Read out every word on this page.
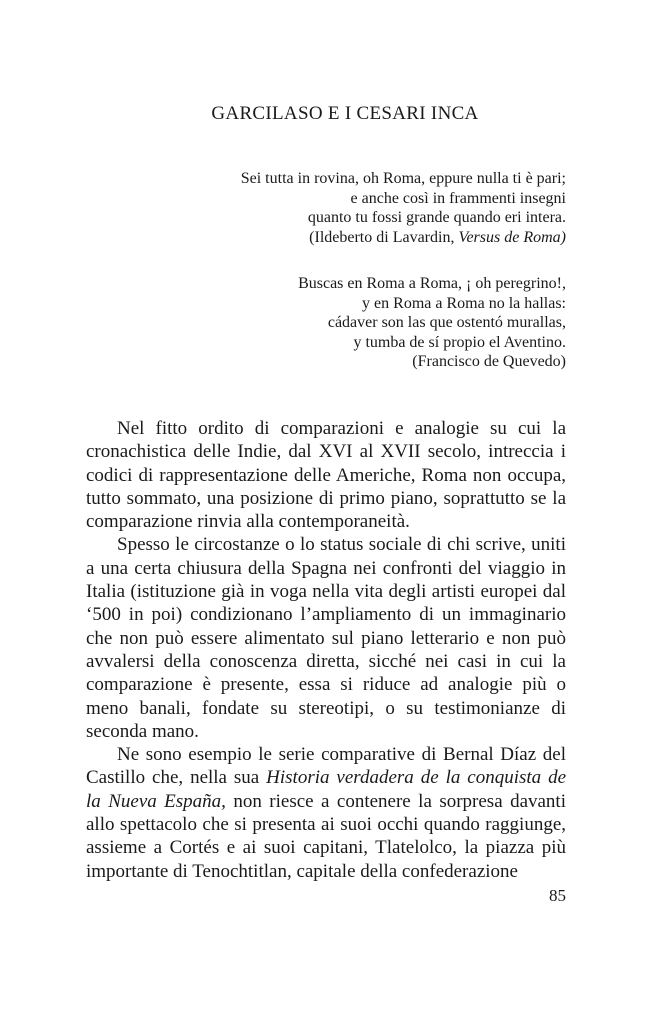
GARCILASO E I CESARI INCA
Sei tutta in rovina, oh Roma, eppure nulla ti è pari;
e anche così in frammenti insegni
quanto tu fossi grande quando eri intera.
(Ildeberto di Lavardin, Versus de Roma)
Buscas en Roma a Roma, ¡ oh peregrino!,
y en Roma a Roma no la hallas:
cádaver son las que ostentó murallas,
y tumba de sí propio el Aventino.
(Francisco de Quevedo)

Nel fitto ordito di comparazioni e analogie su cui la cronachistica delle Indie, dal XVI al XVII secolo, intreccia i codici di rappresentazione delle Americhe, Roma non occupa, tutto sommato, una posizione di primo piano, soprattutto se la comparazione rinvia alla contemporaneità.

Spesso le circostanze o lo status sociale di chi scrive, uniti a una certa chiusura della Spagna nei confronti del viaggio in Italia (istituzione già in voga nella vita degli artisti europei dal ‘500 in poi) condizionano l’ampliamento di un immaginario che non può essere alimentato sul piano letterario e non può avvalersi della conoscenza diretta, sicché nei casi in cui la comparazione è presente, essa si riduce ad analogie più o meno banali, fondate su stereotipi, o su testimonianze di seconda mano.

Ne sono esempio le serie comparative di Bernal Díaz del Castillo che, nella sua Historia verdadera de la conquista de la Nueva España, non riesce a contenere la sorpresa davanti allo spettacolo che si presenta ai suoi occhi quando raggiunge, assieme a Cortés e ai suoi capitani, Tlatelolco, la piazza più importante di Tenochtitlan, capitale della confederazione

85
